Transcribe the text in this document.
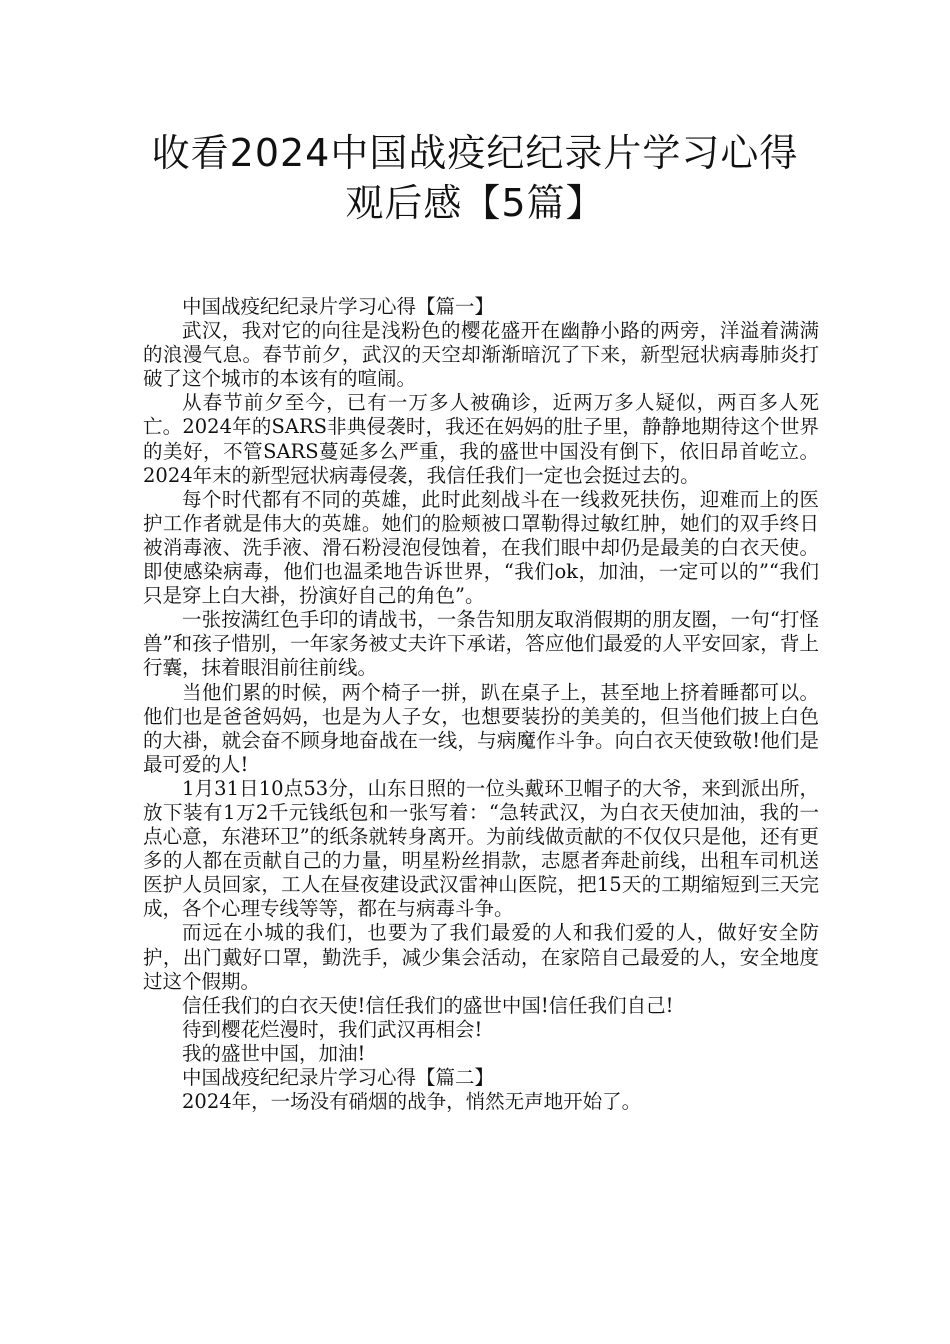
收看2024中国战疫纪纪录片学习心得
观后感【5篇】

中国战疫纪纪录片学习心得【篇一】

武汉，我对它的向往是浅粉色的樱花盛开在幽静小路的两旁，洋溢着满满的浪漫气息。春节前夕，武汉的天空却渐渐暗沉了下来，新型冠状病毒肺炎打破了这个城市的本该有的喧闹。

从春节前夕至今，已有一万多人被确诊，近两万多人疑似，两百多人死亡。2024年的SARS非典侵袭时，我还在妈妈的肚子里，静静地期待这个世界的美好，不管SARS蔓延多么严重，我的盛世中国没有倒下，依旧昂首屹立。2024年末的新型冠状病毒侵袭，我信任我们一定也会挺过去的。

每个时代都有不同的英雄，此时此刻战斗在一线救死扶伤，迎难而上的医护工作者就是伟大的英雄。她们的脸颊被口罩勒得过敏红肿，她们的双手终日被消毒液、洗手液、滑石粉浸泡侵蚀着，在我们眼中却仍是最美的白衣天使。即使感染病毒，他们也温柔地告诉世界，“我们ok，加油，一定可以的”“我们只是穿上白大褂，扮演好自己的角色”。

一张按满红色手印的请战书，一条告知朋友取消假期的朋友圈，一句“打怪兽”和孩子惜别，一年家务被丈夫许下承诺，答应他们最爱的人平安回家，背上行囊，抹着眼泪前往前线。

当他们累的时候，两个椅子一拼，趴在桌子上，甚至地上挤着睡都可以。他们也是爸爸妈妈，也是为人子女，也想要装扮的美美的，但当他们披上白色的大褂，就会奋不顾身地奋战在一线，与病魔作斗争。向白衣天使致敬!他们是最可爱的人!

1月31日10点53分，山东日照的一位头戴环卫帽子的大爷，来到派出所，放下装有1万2千元钱纸包和一张写着：“急转武汉，为白衣天使加油，我的一点心意，东港环卫”的纸条就转身离开。为前线做贡献的不仅仅只是他，还有更多的人都在贡献自己的力量，明星粉丝捐款，志愿者奔赴前线，出租车司机送医护人员回家，工人在昼夜建设武汉雷神山医院，把15天的工期缩短到三天完成，各个心理专线等等，都在与病毒斗争。

而远在小城的我们，也要为了我们最爱的人和我们爱的人，做好安全防护，出门戴好口罩，勤洗手，减少集会活动，在家陪自己最爱的人，安全地度过这个假期。

信任我们的白衣天使!信任我们的盛世中国!信任我们自己!

待到樱花烂漫时，我们武汉再相会!

我的盛世中国，加油!

中国战疫纪纪录片学习心得【篇二】

2024年，一场没有硝烟的战争，悄然无声地开始了。
